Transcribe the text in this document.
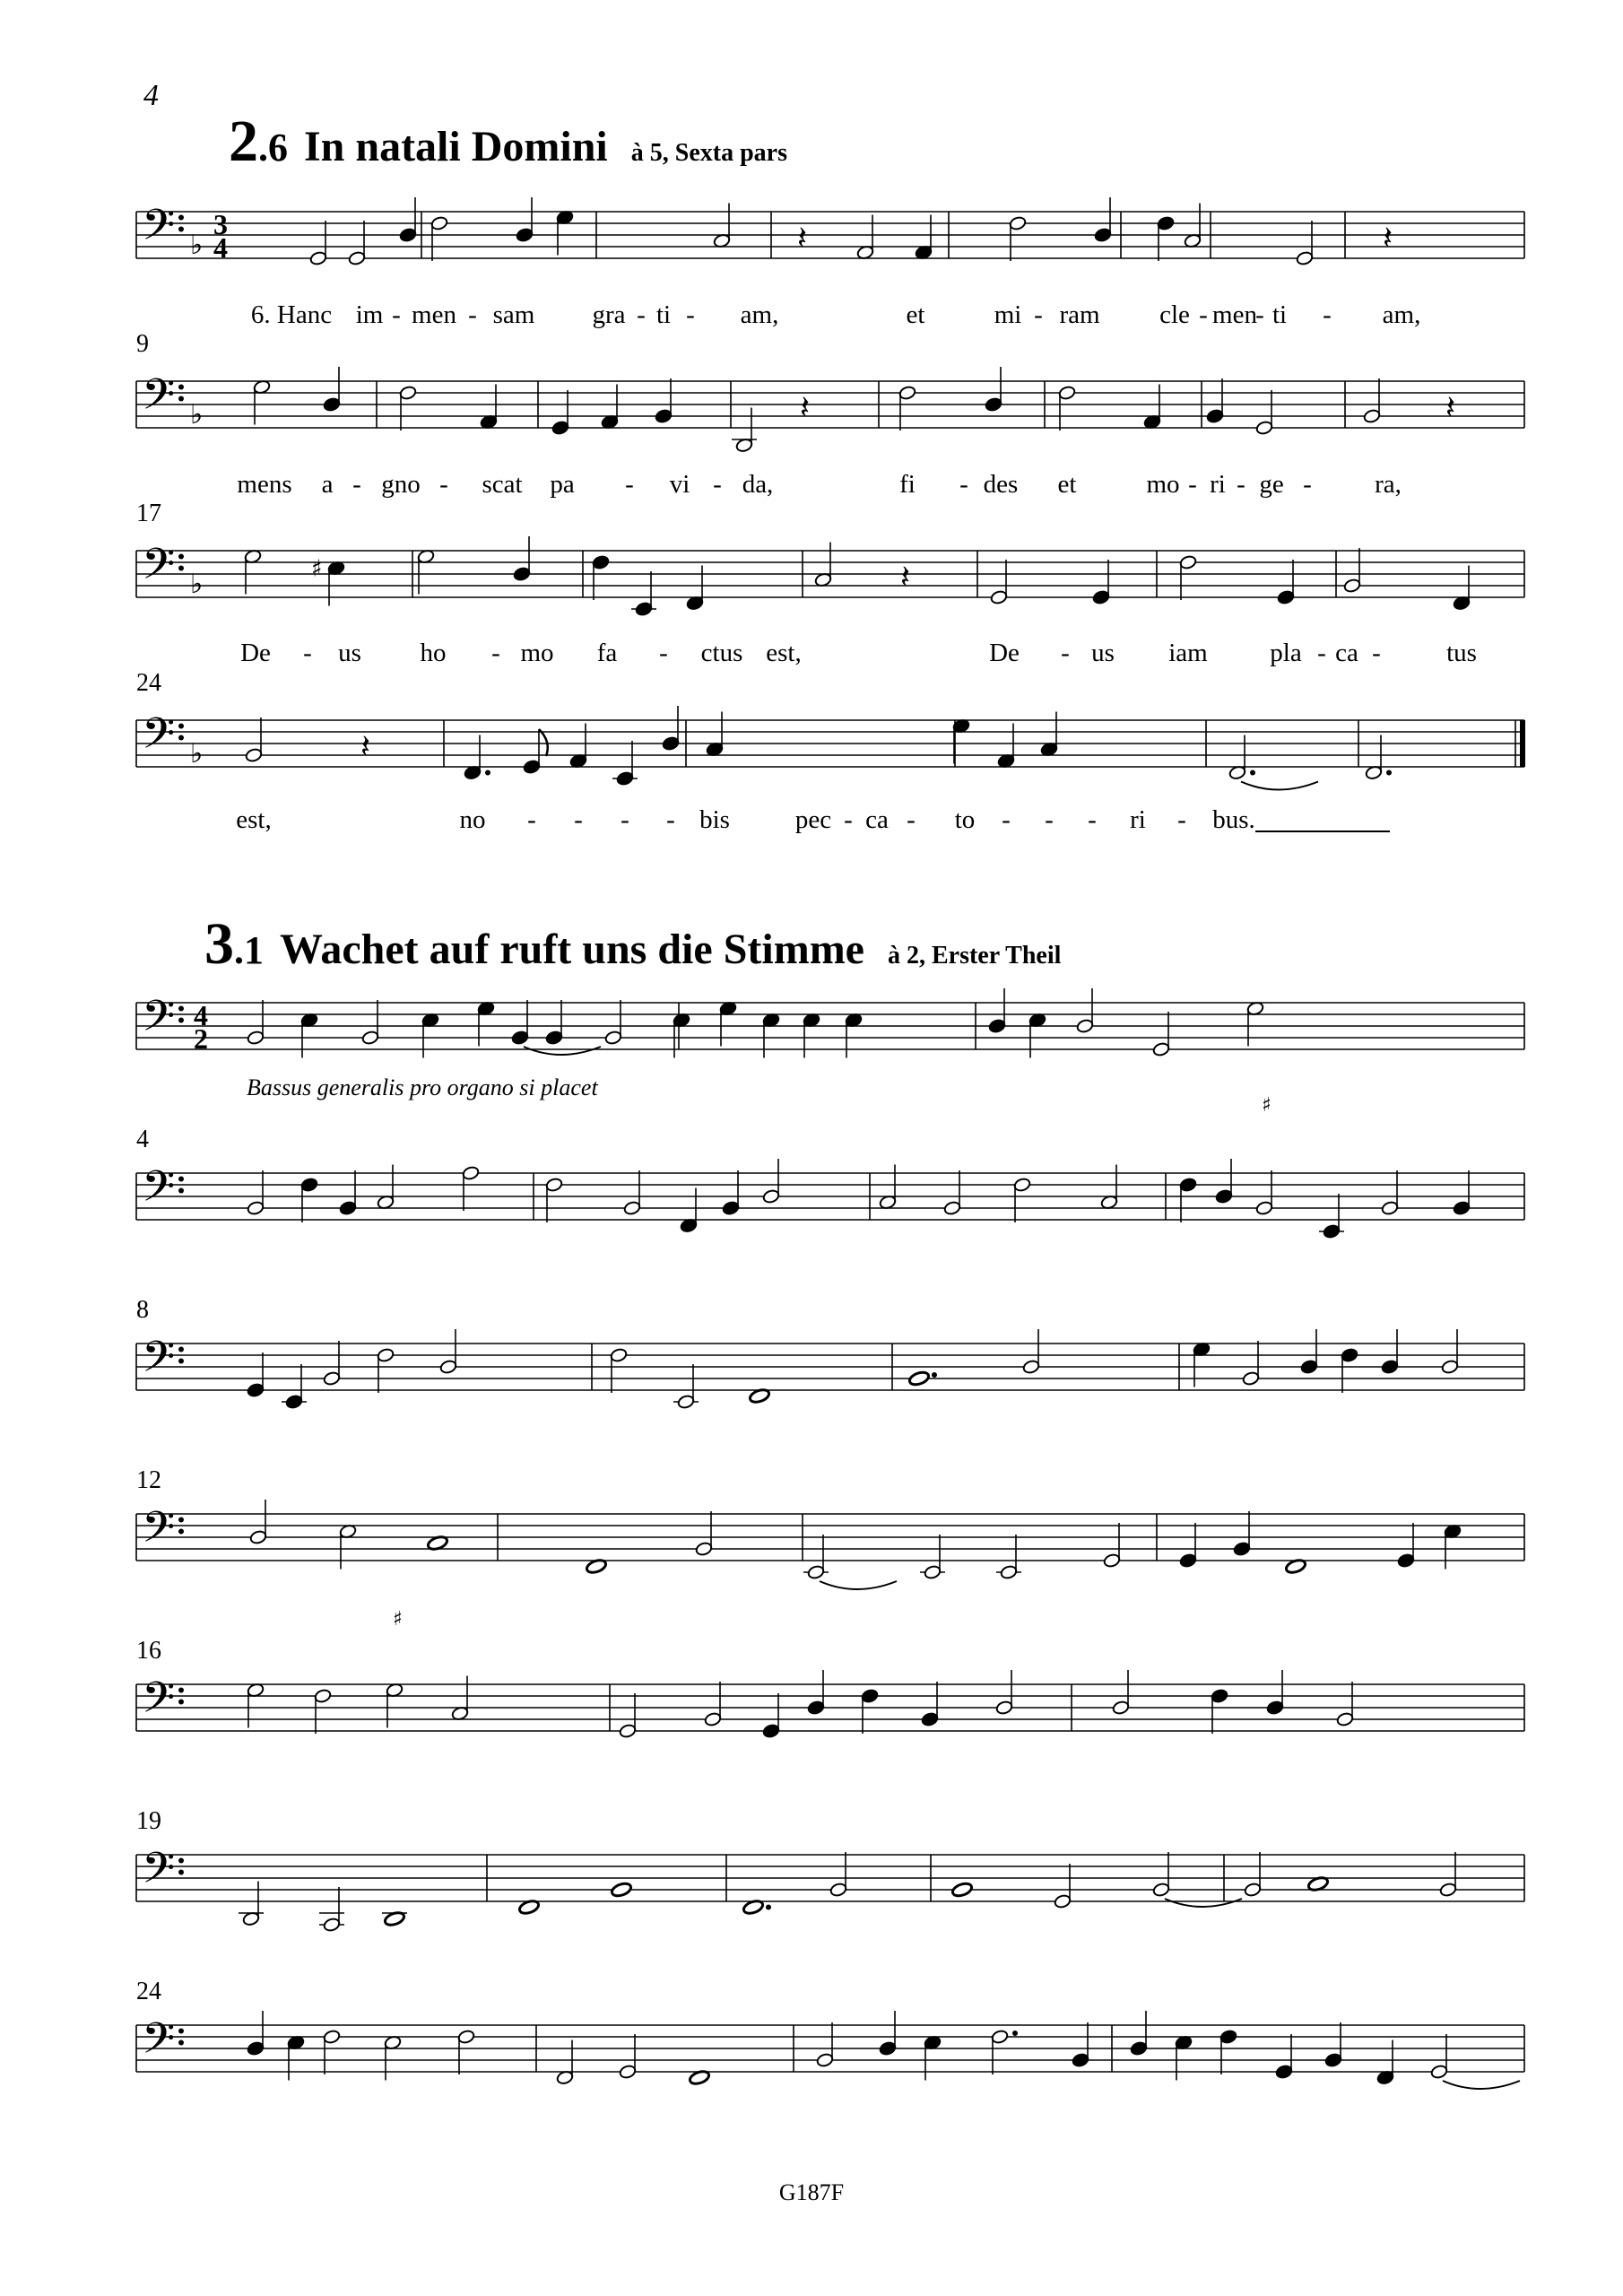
4
2.6 In natali Domini à 5, Sexta pars
3.1 Wachet auf ruft uns die Stimme à 2, Erster Theil
9
17
24
4
8
12
16
19
24
Bassus generalis pro organo si placet
6. Hanc im - men - sam gra - ti - am,	et	mi - ram cle - men
- ti - am,
mens a - gno - scat pa - vi - da,	fi - des et	mo - ri - ge - ra,
De - us ho - mo fa - ctus est,	De - us iam pla - ca -	tus
est,	no - - - - bis	pec - ca - to - - - ri - bus.
G187F
𝄢 ♭
3
4	𝄽	𝄽
𝄢 ♭	𝄽	𝄽
𝄢 ♭	♯	𝄽
𝄢 ♭	𝄽
𝄢 4
2
𝄢
𝄢
𝄢
𝄢
𝄢
𝄢
♯
♯
